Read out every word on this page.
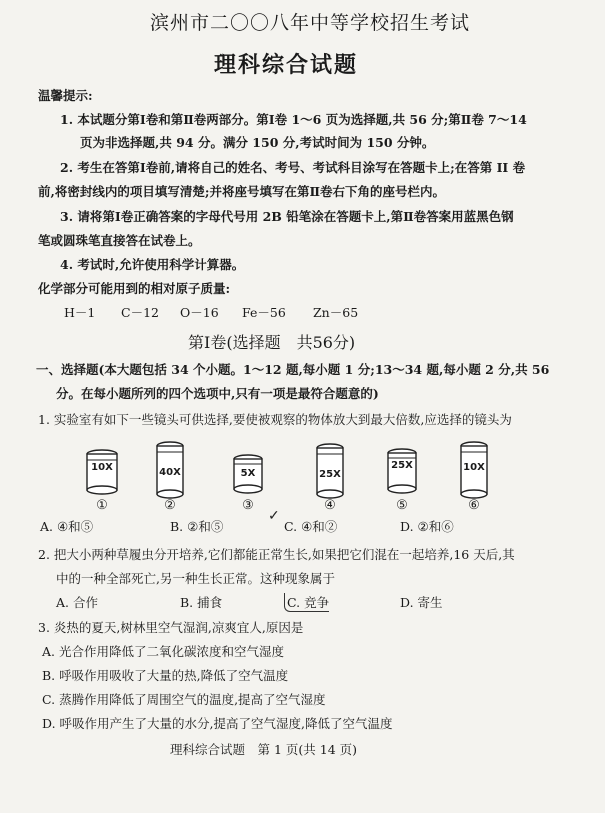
滨州市二〇〇八年中等学校招生考试
理科综合试题
温馨提示:
1. 本试题分第Ⅰ卷和第Ⅱ卷两部分。第Ⅰ卷 1～6 页为选择题,共 56 分;第Ⅱ卷 7～14
页为非选择题,共 94 分。满分 150 分,考试时间为 150 分钟。
2. 考生在答第Ⅰ卷前,请将自己的姓名、考号、考试科目涂写在答题卡上;在答第 II 卷
前,将密封线内的项目填写清楚;并将座号填写在第Ⅱ卷右下角的座号栏内。
3. 请将第Ⅰ卷正确答案的字母代号用 2B 铅笔涂在答题卡上,第Ⅱ卷答案用蓝黑色钢
笔或圆珠笔直接答在试卷上。
4. 考试时,允许使用科学计算器。
化学部分可能用到的相对原子质量:
H－1 C－12 O－16 Fe－56 Zn－65
第Ⅰ卷(选择题　共56分)
一、选择题(本大题包括 34 个小题。1～12 题,每小题 1 分;13～34 题,每小题 2 分,共 56
分。在每小题所列的四个选项中,只有一项是最符合题意的)
1. 实验室有如下一些镜头可供选择,要使被观察的物体放大到最大倍数,应选择的镜头为
10X
①
40X
②
5X
③
25X
④
25X
⑤
10X
⑥
A. ④和⑤	B. ②和⑤
✓
C. ④和②	D. ②和⑥
2. 把大小两种草履虫分开培养,它们都能正常生长,如果把它们混在一起培养,16 天后,其
中的一种全部死亡,另一种生长正常。这种现象属于
A. 合作	B. 捕食	C. 竞争	D. 寄生
3. 炎热的夏天,树林里空气湿润,凉爽宜人,原因是
A. 光合作用降低了二氧化碳浓度和空气湿度
B. 呼吸作用吸收了大量的热,降低了空气温度
C. 蒸腾作用降低了周围空气的温度,提高了空气湿度
D. 呼吸作用产生了大量的水分,提高了空气湿度,降低了空气温度
理科综合试题　第 1 页(共 14 页)
